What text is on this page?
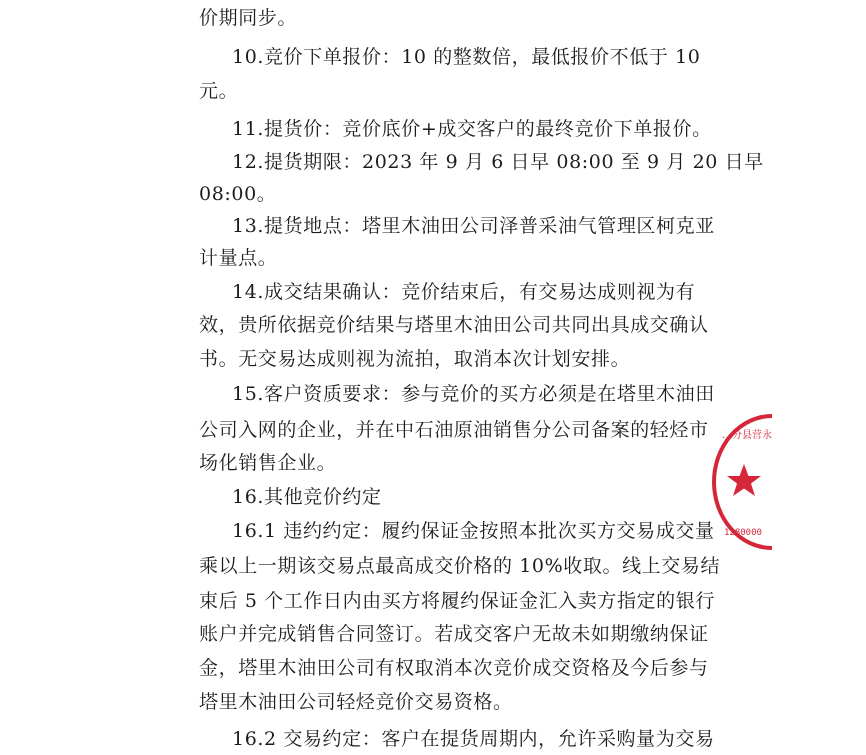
价期同步。
10.竞价下单报价：10 的整数倍，最低报价不低于 10
元。
11.提货价：竞价底价+成交客户的最终竞价下单报价。
12.提货期限：2023 年 9 月 6 日早 08:00 至 9 月 20 日早
08:00。
13.提货地点：塔里木油田公司泽普采油气管理区柯克亚
计量点。
14.成交结果确认：竞价结束后，有交易达成则视为有
效，贵所依据竞价结果与塔里木油田公司共同出具成交确认
书。无交易达成则视为流拍，取消本次计划安排。
15.客户资质要求：参与竞价的买方必须是在塔里木油田
公司入网的企业，并在中石油原油销售分公司备案的轻烃市
场化销售企业。
16.其他竞价约定
16.1 违约约定：履约保证金按照本批次买方交易成交量
乘以上一期该交易点最高成交价格的 10%收取。线上交易结
束后 5 个工作日内由买方将履约保证金汇入卖方指定的银行
账户并完成销售合同签订。若成交客户无故未如期缴纳保证
金，塔里木油田公司有权取消本次竞价成交资格及今后参与
塔里木油田公司轻烃竞价交易资格。
16.2 交易约定：客户在提货周期内，允许采购量为交易
…分县营永
1280000
